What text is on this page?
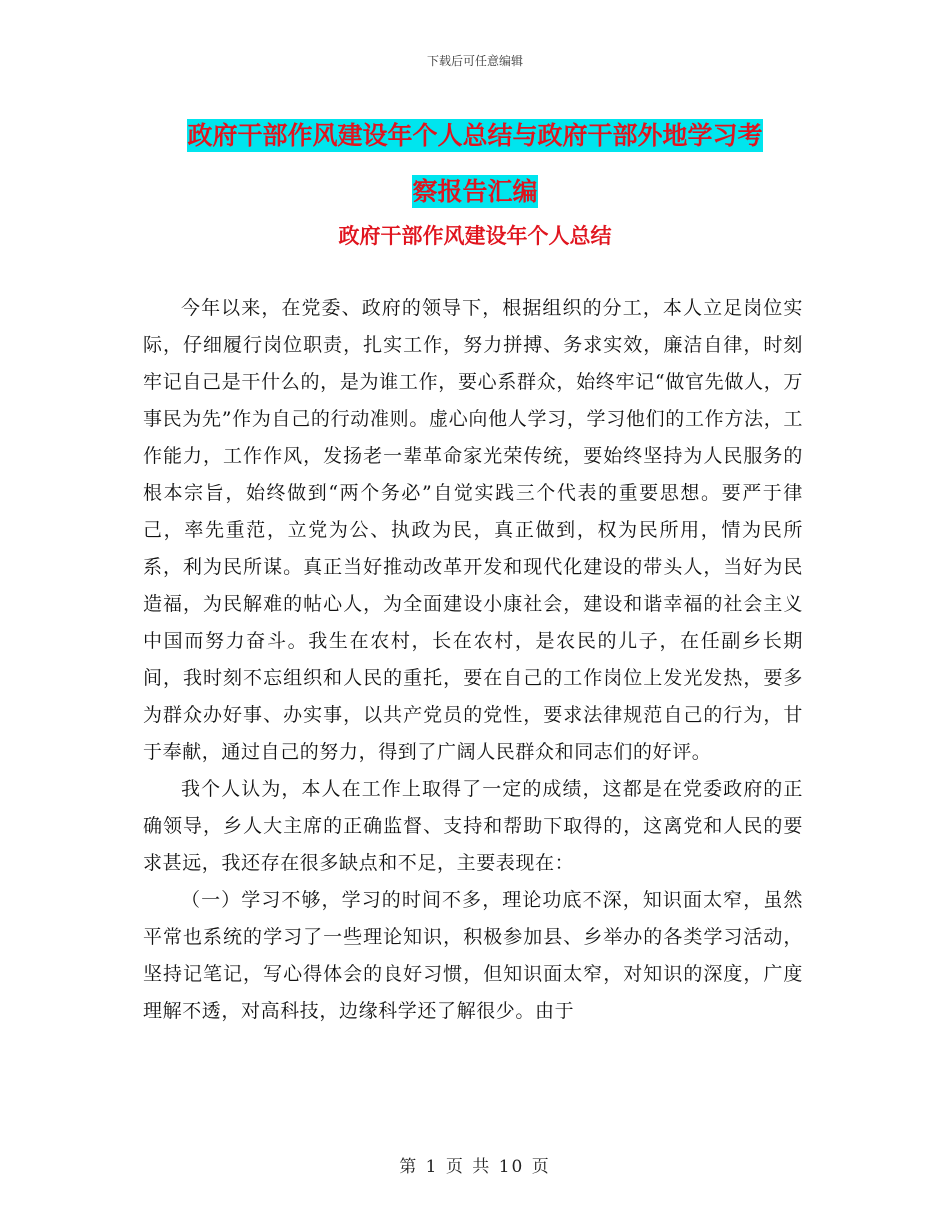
下载后可任意编辑
政府干部作风建设年个人总结与政府干部外地学习考
察报告汇编
政府干部作风建设年个人总结

今年以来，在党委、政府的领导下，根据组织的分工，本人立足岗位实际，仔细履行岗位职责，扎实工作，努力拼搏、务求实效，廉洁自律，时刻牢记自己是干什么的，是为谁工作，要心系群众，始终牢记“做官先做人，万事民为先”作为自己的行动准则。虚心向他人学习，学习他们的工作方法，工作能力，工作作风，发扬老一辈革命家光荣传统，要始终坚持为人民服务的根本宗旨，始终做到“两个务必”自觉实践三个代表的重要思想。要严于律己，率先重范，立党为公、执政为民，真正做到，权为民所用，情为民所系，利为民所谋。真正当好推动改革开发和现代化建设的带头人，当好为民造福，为民解难的帖心人，为全面建设小康社会，建设和谐幸福的社会主义中国而努力奋斗。我生在农村，长在农村，是农民的儿子，在任副乡长期间，我时刻不忘组织和人民的重托，要在自己的工作岗位上发光发热，要多为群众办好事、办实事，以共产党员的党性，要求法律规范自己的行为，甘于奉献，通过自己的努力，得到了广阔人民群众和同志们的好评。

我个人认为，本人在工作上取得了一定的成绩，这都是在党委政府的正确领导，乡人大主席的正确监督、支持和帮助下取得的，这离党和人民的要求甚远，我还存在很多缺点和不足，主要表现在：

（一）学习不够，学习的时间不多，理论功底不深，知识面太窄，虽然平常也系统的学习了一些理论知识，积极参加县、乡举办的各类学习活动，坚持记笔记，写心得体会的良好习惯，但知识面太窄，对知识的深度，广度理解不透，对高科技，边缘科学还了解很少。由于

第 1 页 共 10 页
